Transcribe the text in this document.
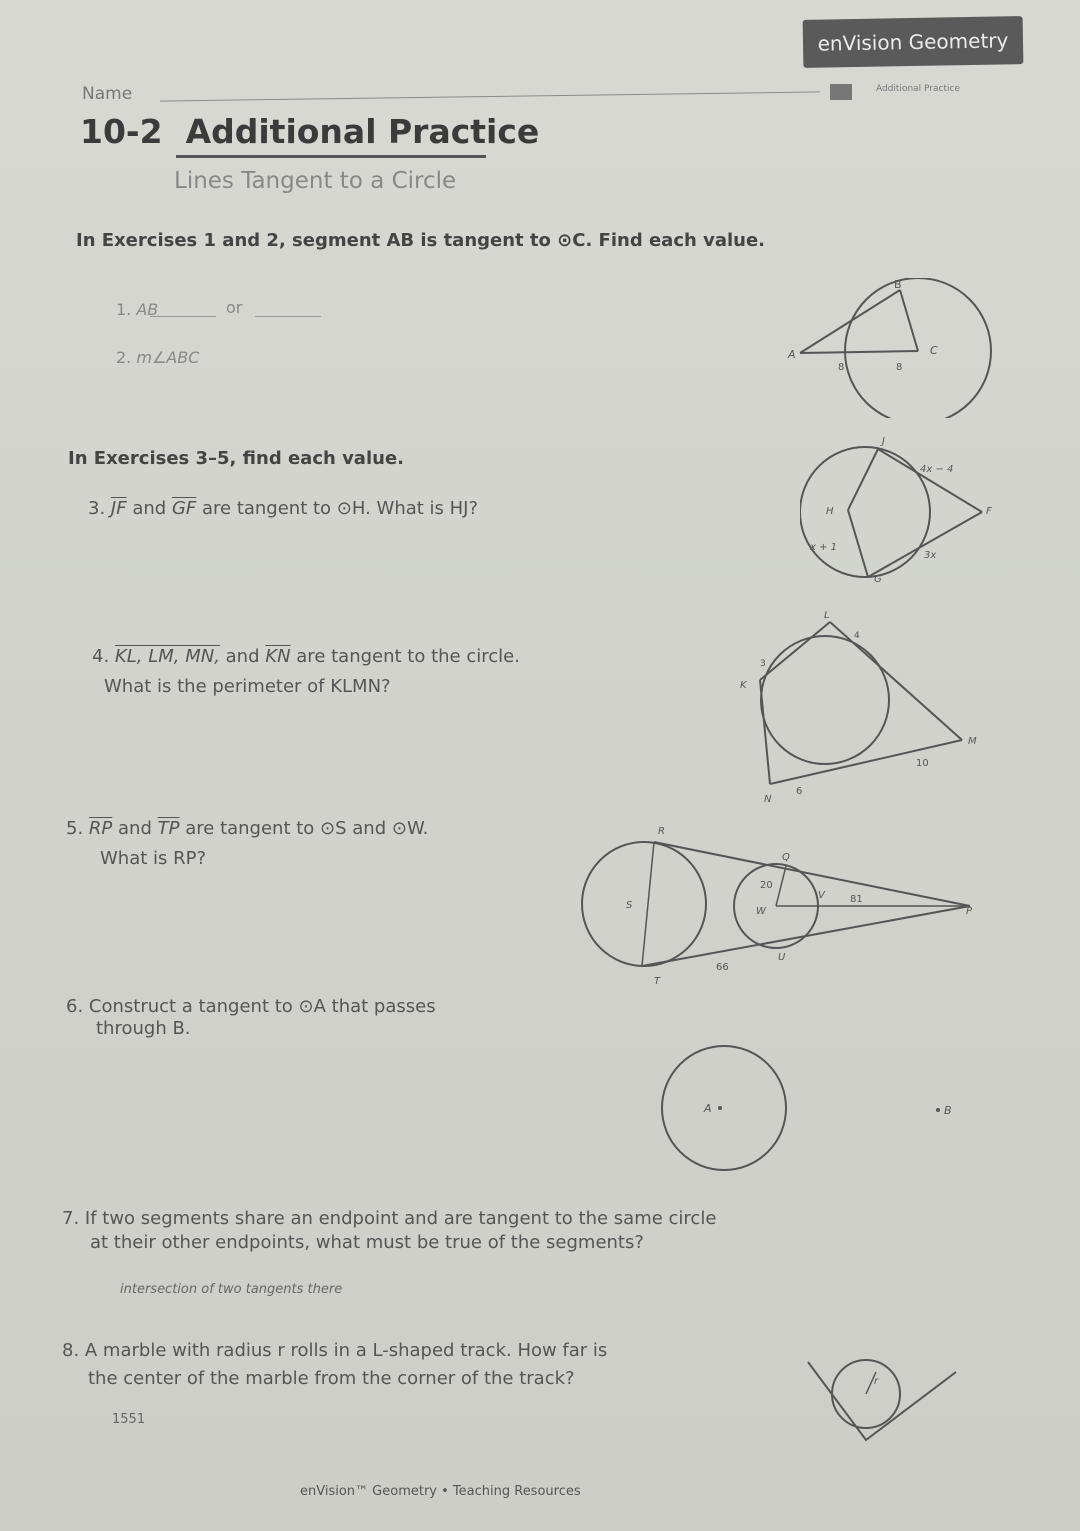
enVision Geometry
Name	Additional Practice
10-2 Additional Practice
Lines Tangent to a Circle
In Exercises 1 and 2, segment AB is tangent to ⊙C. Find each value.
1. AB	or
2. m∠ABC
B
A	C
8	8
In Exercises 3–5, find each value.
3. $\overline{JF}$ and $\overline{GF}$ are tangent to ⊙H. What is HJ?
J
H	F
G
4x − 4
3x
x + 1
4. KL, LM, MN, and $\overline{KN}$ are tangent to the circle.
What is the perimeter of KLMN?
L
K
M
N
3
4
10
6
5. $\overline{RP}$ and $\overline{TP}$ are tangent to ⊙S and ⊙W.
What is RP?
R
S
T
Q
W
U
V
P
20
81
66
6. Construct a tangent to ⊙A that passes
through B.
A	B
7. If two segments share an endpoint and are tangent to the same circle
at their other endpoints, what must be true of the segments?
intersection of two tangents there
8. A marble with radius r rolls in a L-shaped track. How far is
the center of the marble from the corner of the track?
1551
r
enVision™ Geometry • Teaching Resources
